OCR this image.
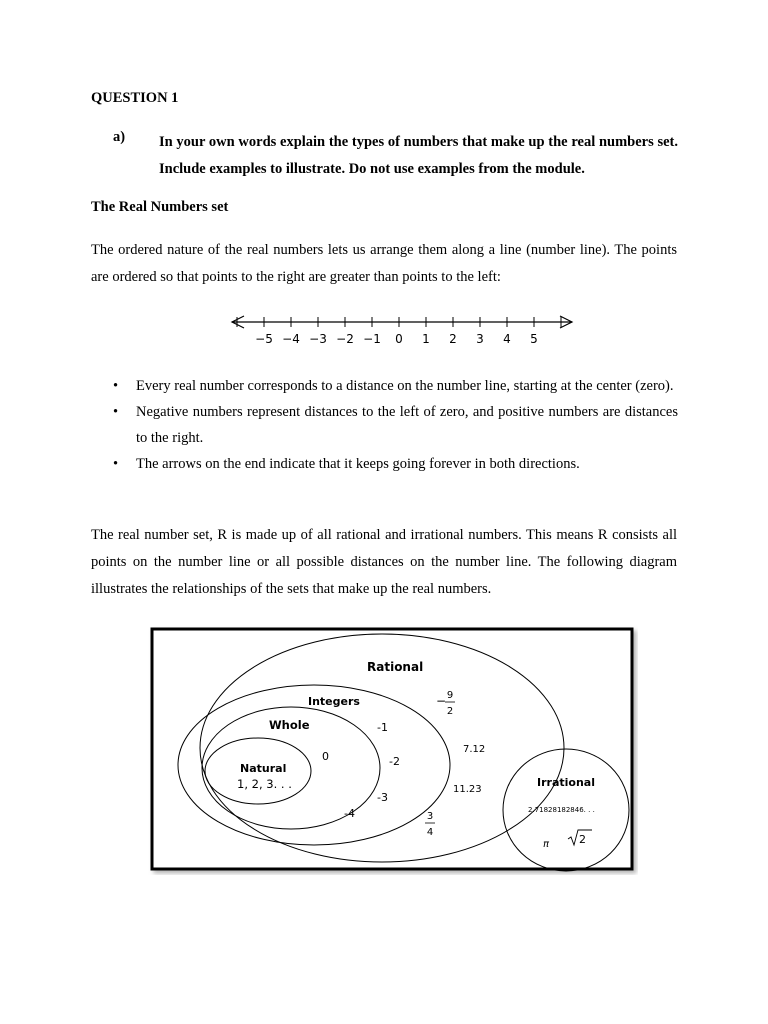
QUESTION 1
a) In your own words explain the types of numbers that make up the real numbers set. Include examples to illustrate. Do not use examples from the module.
The Real Numbers set
The ordered nature of the real numbers lets us arrange them along a line (number line). The points are ordered so that points to the right are greater than points to the left:
−5 −4 −3 −2 −1 0 1 2 3 4 5
• Every real number corresponds to a distance on the number line, starting at the center (zero).
• Negative numbers represent distances to the left of zero, and positive numbers are distances to the right.
• The arrows on the end indicate that it keeps going forever in both directions.
The real number set, R is made up of all rational and irrational numbers. This means R consists all points on the number line or all possible distances on the number line. The following diagram illustrates the relationships of the sets that make up the real numbers.
Rational
Integers
Whole
Natural
1, 2, 3. . .
0
-1
-2
-3
-4
− 9
2
7.12
11.23
3
4
Irrational
2.71828182846. . .
π	2
